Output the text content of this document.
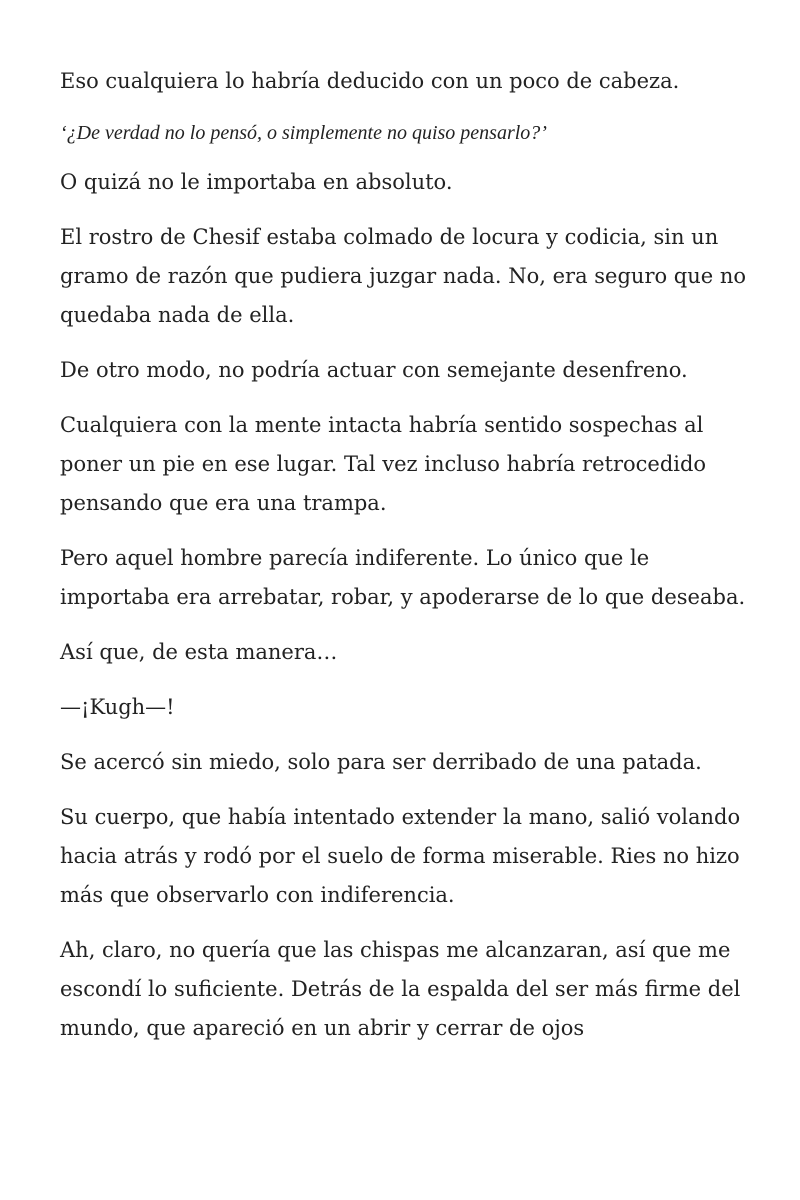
Eso cualquiera lo habría deducido con un poco de cabeza.

‘¿De verdad no lo pensó, o simplemente no quiso pensarlo?’

O quizá no le importaba en absoluto.

El rostro de Chesif estaba colmado de locura y codicia, sin un gramo de razón que pudiera juzgar nada. No, era seguro que no quedaba nada de ella.

De otro modo, no podría actuar con semejante desenfreno.

Cualquiera con la mente intacta habría sentido sospechas al poner un pie en ese lugar. Tal vez incluso habría retrocedido pensando que era una trampa.

Pero aquel hombre parecía indiferente. Lo único que le importaba era arrebatar, robar, y apoderarse de lo que deseaba.

Así que, de esta manera…

—¡Kugh—!

Se acercó sin miedo, solo para ser derribado de una patada.

Su cuerpo, que había intentado extender la mano, salió volando hacia atrás y rodó por el suelo de forma miserable. Ries no hizo más que observarlo con indiferencia.

Ah, claro, no quería que las chispas me alcanzaran, así que me escondí lo suficiente. Detrás de la espalda del ser más firme del mundo, que apareció en un abrir y cerrar de ojos
